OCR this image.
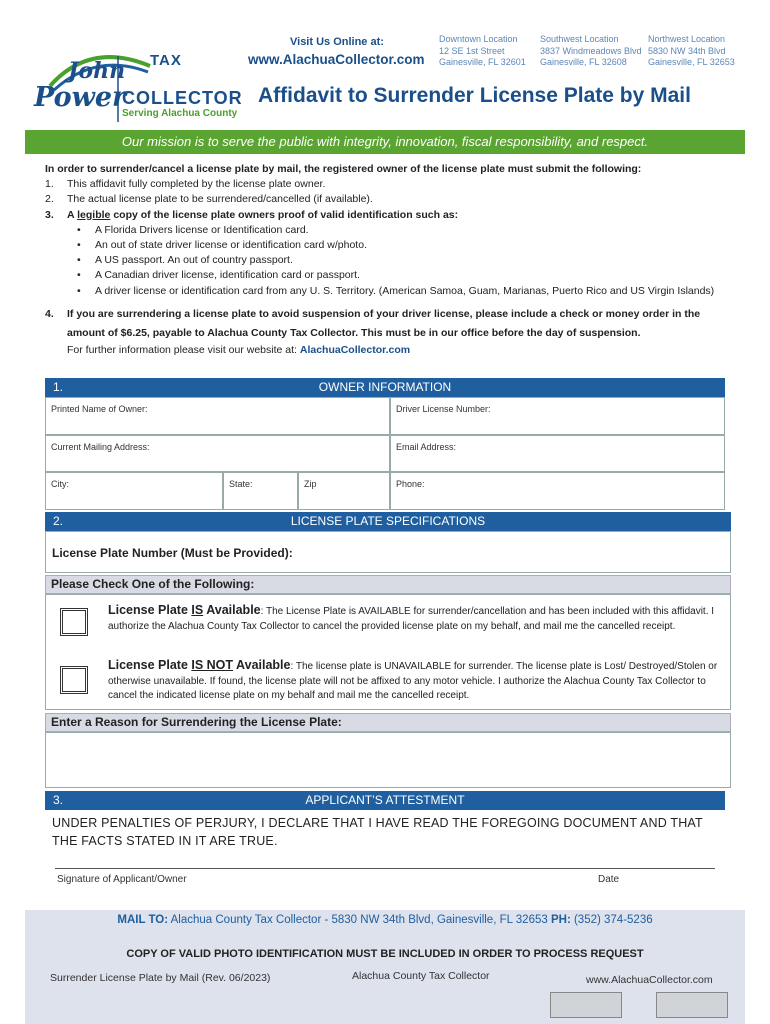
John
Power
TAX
COLLECTOR
Serving Alachua County
Visit Us Online at:
www.AlachuaCollector.com
Downtown Location
12 SE 1st Street
Gainesville, FL 32601
Southwest Location
3837 Windmeadows Blvd
Gainesville, FL 32608
Northwest Location
5830 NW 34th Blvd
Gainesville, FL 32653
Affidavit to Surrender License Plate by Mail
Our mission is to serve the public with integrity, innovation, fiscal responsibility, and respect.
In order to surrender/cancel a license plate by mail, the registered owner of the license plate must submit the following:
1.	This affidavit fully completed by the license plate owner.
2.	The actual license plate to be surrendered/cancelled (if available).
3.	A legible copy of the license plate owners proof of valid identification such as:
•	A Florida Drivers license or Identification card.
•	An out of state driver license or identification card w/photo.
•	A US passport. An out of country passport.
•	A Canadian driver license, identification card or passport.
•	A driver license or identification card from any U. S. Territory. (American Samoa, Guam, Marianas, Puerto Rico and US Virgin Islands)
4.	If you are surrendering a license plate to avoid suspension of your driver license, please include a check or money order in the
amount of $6.25, payable to Alachua County Tax Collector. This must be in our office before the day of suspension.
For further information please visit our website at: AlachuaCollector.com
OWNER INFORMATION
1.
Printed Name of Owner:	Driver License Number:
Current Mailing Address:	Email Address:
City:	State:	Zip	Phone:
LICENSE PLATE SPECIFICATIONS
2.
License Plate Number (Must be Provided):
Please Check One of the Following:
License Plate IS Available: The License Plate is AVAILABLE for surrender/cancellation and has been included with this affidavit. I authorize the Alachua County Tax Collector to cancel the provided license plate on my behalf, and mail me the cancelled receipt.
License Plate IS NOT Available: The license plate is UNAVAILABLE for surrender. The license plate is Lost/ Destroyed/Stolen or otherwise unavailable. If found, the license plate will not be affixed to any motor vehicle. I authorize the Alachua County Tax Collector to cancel the indicated license plate on my behalf and mail me the cancelled receipt.
Enter a Reason for Surrendering the License Plate:
APPLICANT’S ATTESTMENT
3.
UNDER PENALTIES OF PERJURY, I DECLARE THAT I HAVE READ THE FOREGOING DOCUMENT AND THAT THE FACTS STATED IN IT ARE TRUE.
Signature of Applicant/Owner	Date
MAIL TO: Alachua County Tax Collector - 5830 NW 34th Blvd, Gainesville, FL 32653 PH: (352) 374-5236
COPY OF VALID PHOTO IDENTIFICATION MUST BE INCLUDED IN ORDER TO PROCESS REQUEST
Surrender License Plate by Mail (Rev. 06/2023)	Alachua County Tax Collector	www.AlachuaCollector.com
